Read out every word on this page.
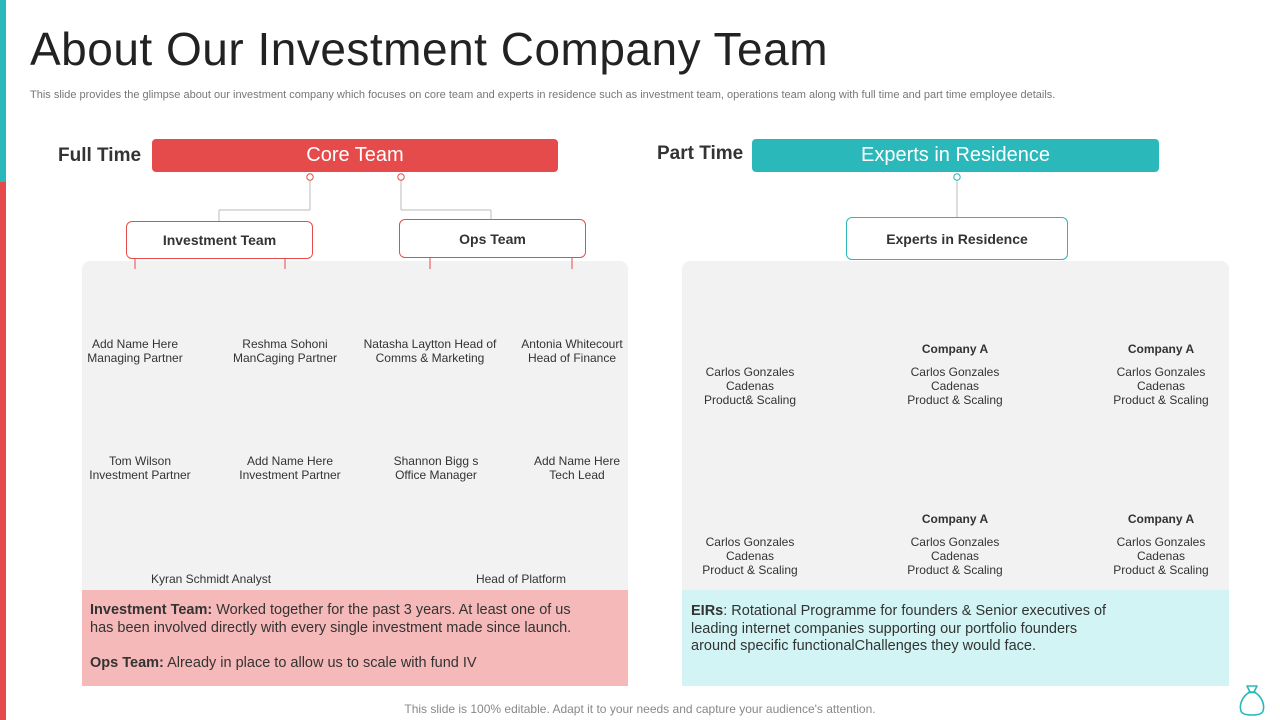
About Our Investment Company Team
This slide provides the glimpse about our investment company which focuses on core team and experts in residence such as investment team, operations team along with full time and part time employee details.
Full Time	Core Team
Investment Team	Ops Team
Add Name Here
Managing Partner
Reshma Sohoni
ManCaging Partner
Natasha Laytton Head of
Comms & Marketing
Antonia Whitecourt
Head of Finance
Tom Wilson
Investment Partner
Add Name Here
Investment Partner
Shannon Bigg s
Office Manager
Add Name Here
Tech Lead
Kyran Schmidt Analyst	Head of Platform
Investment Team: Worked together for the past 3 years. At least one of us has been involved directly with every single investment made since launch.
Ops Team: Already in place to allow us to scale with fund IV
Part Time	Experts in Residence
Experts in Residence
Carlos Gonzales
Cadenas
Product& Scaling
Company A
Carlos Gonzales
Cadenas
Product & Scaling
Company A
Carlos Gonzales
Cadenas
Product & Scaling
Carlos Gonzales
Cadenas
Product & Scaling
Company A
Carlos Gonzales
Cadenas
Product & Scaling
Company A
Carlos Gonzales
Cadenas
Product & Scaling
EIRs: Rotational Programme for founders & Senior executives of leading internet companies supporting our portfolio founders around specific functionalChallenges they would face.
This slide is 100% editable. Adapt it to your needs and capture your audience's attention.
